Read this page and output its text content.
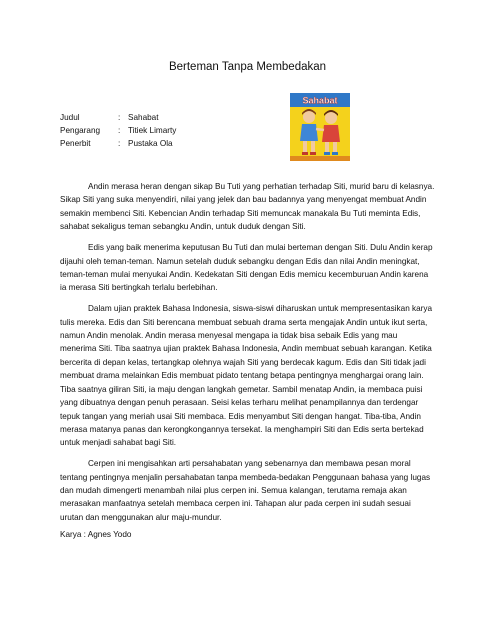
Berteman Tanpa Membedakan
Judul	: Sahabat
Pengarang	: Titiek Limarty
Penerbit	: Pustaka Ola
Sahabat

Andin merasa heran dengan sikap Bu Tuti yang perhatian terhadap Siti, murid baru di kelasnya. Sikap Siti yang suka menyendiri, nilai yang jelek dan bau badannya yang menyengat membuat Andin semakin membenci Siti. Kebencian Andin terhadap Siti memuncak manakala Bu Tuti meminta Edis, sahabat sekaligus teman sebangku Andin, untuk duduk dengan Siti.

Edis yang baik menerima keputusan Bu Tuti dan mulai berteman dengan Siti. Dulu Andin kerap dijauhi oleh teman-teman. Namun setelah duduk sebangku dengan Edis dan nilai Andin meningkat, teman-teman mulai menyukai Andin. Kedekatan Siti dengan Edis memicu kecemburuan Andin karena ia merasa Siti bertingkah terlalu berlebihan.

Dalam ujian praktek Bahasa Indonesia, siswa-siswi diharuskan untuk mempresentasikan karya tulis mereka. Edis dan Siti berencana membuat sebuah drama serta mengajak Andin untuk ikut serta, namun Andin menolak. Andin merasa menyesal mengapa ia tidak bisa sebaik Edis yang mau menerima Siti. Tiba saatnya ujian praktek Bahasa Indonesia, Andin membuat sebuah karangan. Ketika bercerita di depan kelas, tertangkap olehnya wajah Siti yang berdecak kagum. Edis dan Siti tidak jadi membuat drama melainkan Edis membuat pidato tentang betapa pentingnya menghargai orang lain. Tiba saatnya giliran Siti, ia maju dengan langkah gemetar. Sambil menatap Andin, ia membaca puisi yang dibuatnya dengan penuh perasaan. Seisi kelas terharu melihat penampilannya dan terdengar tepuk tangan yang meriah usai Siti membaca. Edis menyambut Siti dengan hangat. Tiba-tiba, Andin merasa matanya panas dan kerongkongannya tersekat. Ia menghampiri Siti dan Edis serta bertekad untuk menjadi sahabat bagi Siti.

Cerpen ini mengisahkan arti persahabatan yang sebenarnya dan membawa pesan moral tentang pentingnya menjalin persahabatan tanpa membeda-bedakan Penggunaan bahasa yang lugas dan mudah dimengerti menambah nilai plus cerpen ini. Semua kalangan, terutama remaja akan merasakan manfaatnya setelah membaca cerpen ini. Tahapan alur pada cerpen ini sudah sesuai urutan dan menggunakan alur maju-mundur.

Karya : Agnes Yodo
